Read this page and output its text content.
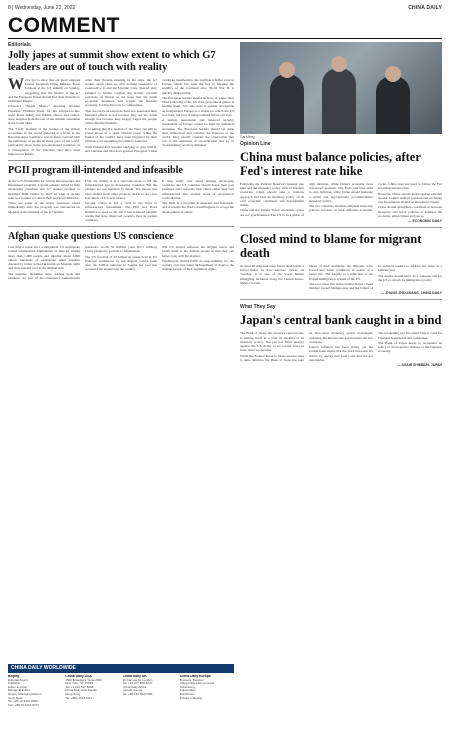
8 | Wednesday, June 22, 2022	CHINA DAILY
COMMENT
Editorials
Jolly japes at summit show extent to which G7 leaders are out of touch with reality

We've got to show that our pure! quipped United Kingdom Prime Minister Boris Johnson at the G7 summit on Sunday, suggesting that the leaders of the G7 and the European Union should flex their muscles to intimidate Russia.

Johnson's "Jungle Mauro" mocking Russian President Vladimir Putin for his stripped-to-the-waist horse riding and fishing photos and videos, drew laughter from the rest of the summit attendants at the round table.

The "fatal" moment of the leaders of the richest economies in the world gathered at a hotel in the Bavarian Alps, Germany, was in sharp contrast with the sufferings of people in many parts of the world, particularly those in the less-developed countries, as a consequence of the sanctions that have been imposed on Russia.

After their fireside meeting in the Alps, the G7 leaders again came up with nothing conducive or constructive to end the Ukraine crisis. Instead, they pledged to further toughen the already extreme sanctions on Russia in the hope that the harsh economic measures will cripple the Russian economy, forcing Moscow to compromise.

That the previous sanctions have not generated their intended effects is not because they are not harsh enough but because they largely target the people rather than the Kremlin.

It is telling that the leaders of the West can talk in jovial mood in a quiet hillside resort while the flames of the conflict have been triggered by their insistence on expanding the alliance eastward.

With Finland and Sweden applying to join NATO, and Ukraine and Moldova granted European Union candidate membership, the traditional buffer zone in Europe which has been the key to keeping the stability of the continent after World War II, is quickly disappearing.

The European leaders should be wary of where their blind following of the US in its geopolitical games is leading them. Not only does it quickly downgrade an independent Europe to a vision for which the US was built, but now is being realized before our eyes.

A lasting, sustainable and balanced security mechanism of Europe cannot be built by unilateral strategies. The European leaders should set aside their differences and consider the interests of the world. They should consider the observation that war is the antithesis of reconciliation and try to avoid making yet more mistakes.

PGII program ill-intended and infeasible

At the G7's Partnership for Global Infrastructure and Investment program, a grand scheme aimed to help developing countries, the G7 leaders pledged to mobilize $600 billion by 2027 in what is widely seen as a counter to China's Belt and Road Initiative.

There are some of the major questions raised immediately after the program was announced on Monday at the meeting of the G7 leaders.

First, the timing. It is a welcome move to fill the infrastructure gap in developing countries. But the pledges are not matched by funds. The money has been shifted from other projects, and it is not clear how much of it is new money.

Second, China is not a rival to the West in infrastructure investment. The Belt and Road Initiative is open to all, and it has achieved tangible results that have improved people's lives in partner countries.

If they really care about helping developing countries, the G7 countries should honor their past promises and cooperate with others rather than turn infrastructure into another arena of geopolitical confrontation.

The PGII is a program ill-intended and infeasible, and it reveals the West's unwillingness to accept the development of others.

Afghan quake questions US conscience

Less than a week after a magnitude 5.9 earthquake rocked southeastern Afghanistan on June 22, killing more than 1,000 people and injuring about 3,000 others, hundreds of earthquake relief supplies donated by China arrived in Kabul on Monday night and were handed over to the Afghan side.

The supplies, including tents, folding beds and blankets, are part of the emergency humanitarian assistance worth 50 million yuan ($7.5 million) China pledged to provide to Afghanistan.

The US freezing of $7 billion in assets held in US financial institutions by the Afghan central bank after the Taliban takeover in August last year has worsened the situation in the country.

The US should unfreeze the Afghan assets and return them to the Afghan people so that they can better cope with the disaster.

Washington should fulfill its responsibility for the country and stop using its hegemony to deprive the Afghan people of their legitimate rights.

Cai Meng
Opinion Line
China must balance policies, after Fed's interest rate hike

Following the Federal Reserve's interest rate hike and the monetary policy shift of Western countries, China should take a cautious approach and base its monetary policy on its own economic conditions and development trends.

China and the United States' economic cycles are not synchronized. The US is in a phase of high inflation, while China's economy faces downward pressure. The Fed's rate hike aims to curb inflation, while China should maintain a stable and appropriately accommodative monetary policy.

The two countries maintain different monetary policies because of their different economic cycles. China does not need to follow the Fed in raising interest rates.

However, China should guard against external shocks. Capital outflow pressure and exchange rate fluctuations should be monitored closely.

China should strengthen coordination between monetary and fiscal policies to stabilize the economy, employment and prices.

— ECONOMIC DAILY
Closed mind to blame for migrant death

At least 46 migrants were found dead inside a tractor-trailer in San Antonio, Texas, on Tuesday. It is one of the worst human smuggling incidents along the United States-Mexico border.

Shorn of their humanity, the migrants were forced into harsh conditions in search of a better life. The tragedy is a reflection of the flawed immigration system of the US.

The root cause lies in the United States' closed mindset toward immigration and the failure of its political leaders to address the issue in a humane way.

The deaths should serve as a wake-up call for the US to reform its immigration policy.

— ZHANG ZHOUXIANG, CHINA DAILY
What They Say
Japan's central bank caught in a bind

The Bank of Japan, the country's central bank, is putting itself in a bind by sticking to its monetary policy. The yen has fallen sharply against the US dollar to its lowest level in more than two decades.

While the Federal Reserve raises interest rates to tame inflation, the Bank of Japan has kept its ultra-loose monetary policy unchanged, widening the interest rate gap between the two countries.

Japan's inflation has been rising, yet the central bank insists that the price increases are driven by energy and food costs and are not sustainable.

The weakening yen has raised import costs for Japanese households and companies.

The Bank of Japan needs to reconsider its policy to avoid greater damage to the Japanese economy.

— ASAHI SHIMBUN, JAPAN
CHINA DAILY WORLDWIDE
Beijing
Editorial Board
Publisher
Editor-in-Chief
Managing Editor
Deputy Managing Editors
Copy Desk
Tel: +86 10 6491 8366
Fax: +86 10 6491 8377
China Daily USA
1500 Broadway, Suite 2800
New York, NY 10036
Tel: +1 212 537 8888
China Daily Asia Pacific
Hong Kong
Tel: +852 2518 5111
China Daily UK
90 Cannon St, London
Tel: +44 207 398 8270
China Daily Africa
Nairobi, Kenya
Tel: +254 20 6920 900
China Daily Europe
Brussels, Belgium
China Daily Latin America
Advertising
Subscription
Distribution
Printed in Beijing
